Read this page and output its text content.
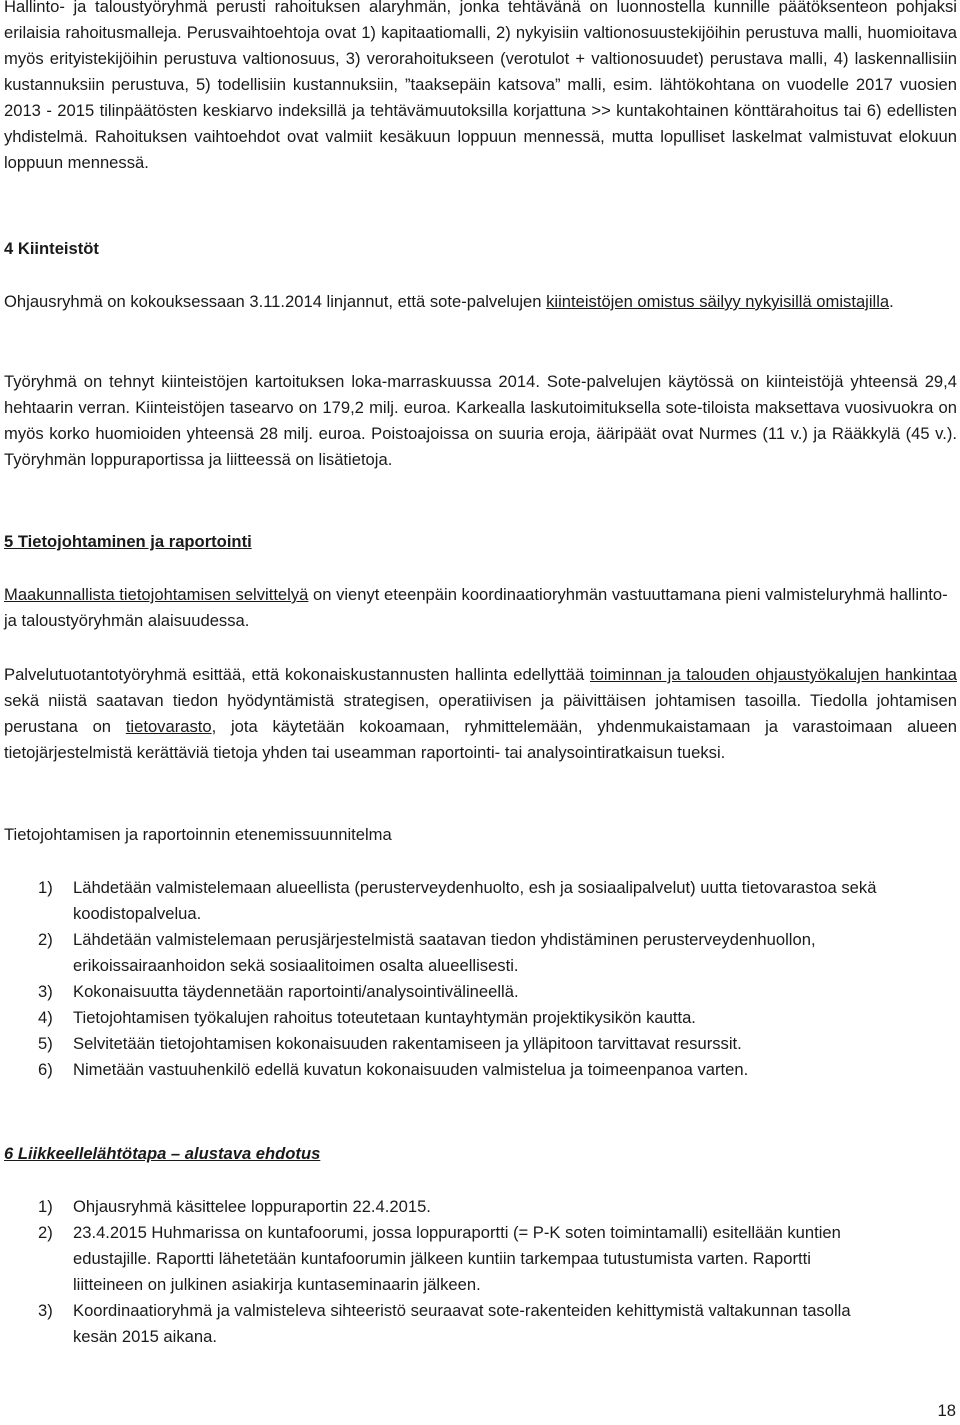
Hallinto- ja taloustyöryhmä perusti rahoituksen alaryhmän, jonka tehtävänä on luonnostella kunnille päätöksenteon pohjaksi erilaisia rahoitusmalleja. Perusvaihtoehtoja ovat 1) kapitaatiomalli, 2) nykyisiin valtionosuustekijöihin perustuva malli, huomioitava myös erityistekijöihin perustuva valtionosuus, 3) verorahoitukseen (verotulot + valtionosuudet) perustava malli, 4) laskennallisiin kustannuksiin perustuva, 5) todellisiin kustannuksiin, ”taaksepäin katsova” malli, esim. lähtökohtana on vuodelle 2017 vuosien 2013 - 2015 tilinpäätösten keskiarvo indeksillä ja tehtävämuutoksilla korjattuna >> kuntakohtainen könttärahoitus tai 6) edellisten yhdistelmä. Rahoituksen vaihtoehdot ovat valmiit kesäkuun loppuun mennessä, mutta lopulliset laskelmat valmistuvat elokuun loppuun mennessä.

4 Kiinteistöt

Ohjausryhmä on kokouksessaan 3.11.2014 linjannut, että sote-palvelujen kiinteistöjen omistus säilyy nykyisillä omistajilla.

Työryhmä on tehnyt kiinteistöjen kartoituksen loka-marraskuussa 2014. Sote-palvelujen käytössä on kiinteistöjä yhteensä 29,4 hehtaarin verran. Kiinteistöjen tasearvo on 179,2 milj. euroa. Karkealla laskutoimituksella sote-tiloista maksettava vuosivuokra on myös korko huomioiden yhteensä 28 milj. euroa. Poistoajoissa on suuria eroja, ääripäät ovat Nurmes (11 v.) ja Rääkkylä (45 v.). Työryhmän loppuraportissa ja liitteessä on lisätietoja.

5 Tietojohtaminen ja raportointi

Maakunnallista tietojohtamisen selvittelyä on vienyt eteenpäin koordinaatioryhmän vastuuttamana pieni valmisteluryhmä hallinto- ja taloustyöryhmän alaisuudessa.

Palvelutuotantotyöryhmä esittää, että kokonaiskustannusten hallinta edellyttää toiminnan ja talouden ohjaustyökalujen hankintaa sekä niistä saatavan tiedon hyödyntämistä strategisen, operatiivisen ja päivittäisen johtamisen tasoilla. Tiedolla johtamisen perustana on tietovarasto, jota käytetään kokoamaan, ryhmittelemään, yhdenmukaistamaan ja varastoimaan alueen tietojärjestelmistä kerättäviä tietoja yhden tai useamman raportointi- tai analysointiratkaisun tueksi.

Tietojohtamisen ja raportoinnin etenemissuunnitelma

1) Lähdetään valmistelemaan alueellista (perusterveydenhuolto, esh ja sosiaalipalvelut) uutta tietovarastoa sekä koodistopalvelua.
2) Lähdetään valmistelemaan perusjärjestelmistä saatavan tiedon yhdistäminen perusterveydenhuollon, erikoissairaanhoidon sekä sosiaalitoimen osalta alueellisesti.
3) Kokonaisuutta täydennetään raportointi/analysointivälineellä.
4) Tietojohtamisen työkalujen rahoitus toteutetaan kuntayhtymän projektikysikön kautta.
5) Selvitetään tietojohtamisen kokonaisuuden rakentamiseen ja ylläpitoon tarvittavat resurssit.
6) Nimetään vastuuhenkilö edellä kuvatun kokonaisuuden valmistelua ja toimeenpanoa varten.
6 Liikkeellelähtötapa – alustava ehdotus
1) Ohjausryhmä käsittelee loppuraportin 22.4.2015.
2) 23.4.2015 Huhmarissa on kuntafoorumi, jossa loppuraportti (= P-K soten toimintamalli) esitellään kuntien edustajille. Raportti lähetetään kuntafoorumin jälkeen kuntiin tarkempaa tutustumista varten. Raportti liitteineen on julkinen asiakirja kuntaseminaarin jälkeen.
3) Koordinaatioryhmä ja valmisteleva sihteeristö seuraavat sote-rakenteiden kehittymistä valtakunnan tasolla kesän 2015 aikana.
18
